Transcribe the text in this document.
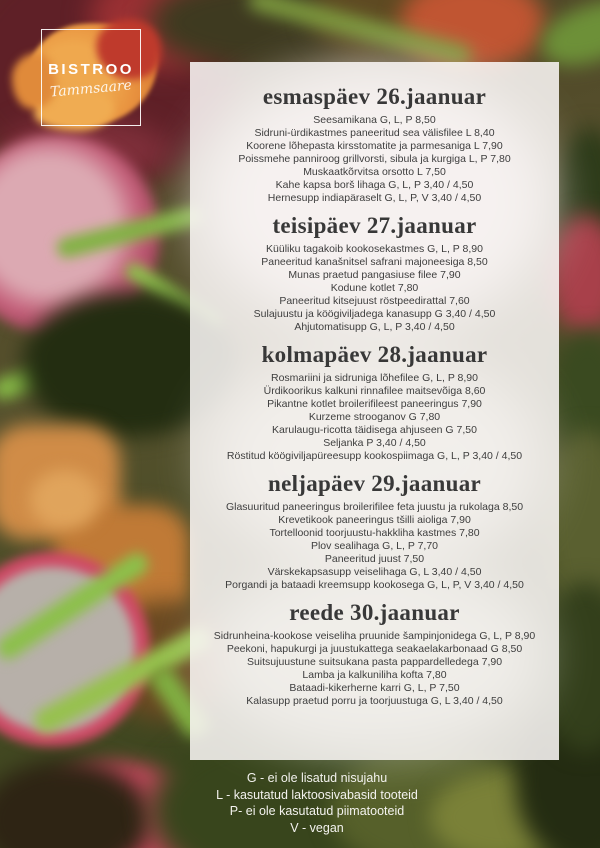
BISTROO
Tammsaare	esmaspäev 26.jaanuar
Seesamikana G, L, P 8,50
Sidruni-ürdikastmes paneeritud sea välisfilee L 8,40
Koorene lõhepasta kirsstomatite ja parmesaniga L 7,90
Poissmehe panniroog grillvorsti, sibula ja kurgiga L, P 7,80
Muskaatkõrvitsa orsotto L 7,50
Kahe kapsa borš lihaga G, L, P 3,40 / 4,50
Hernesupp indiapäraselt G, L, P, V 3,40 / 4,50
teisipäev 27.jaanuar
Küüliku tagakoib kookosekastmes G, L, P 8,90
Paneeritud kanašnitsel safrani majoneesiga 8,50
Munas praetud pangasiuse filee 7,90
Kodune kotlet 7,80
Paneeritud kitsejuust röstpeedirattal 7,60
Sulajuustu ja köögiviljadega kanasupp G 3,40 / 4,50
Ahjutomatisupp G, L, P 3,40 / 4,50
kolmapäev 28.jaanuar
Rosmariini ja sidruniga lõhefilee G, L, P 8,90
Ürdikoorikus kalkuni rinnafilee maitsevõiga 8,60
Pikantne kotlet broilerifileest paneeringus 7,90
Kurzeme strooganov G 7,80
Karulaugu-ricotta täidisega ahjuseen G 7,50
Seljanka P 3,40 / 4,50
Röstitud köögiviljapüreesupp kookospiimaga G, L, P 3,40 / 4,50
neljapäev 29.jaanuar
Glasuuritud paneeringus broilerifilee feta juustu ja rukolaga 8,50
Krevetikook paneeringus tšilli aioliga 7,90
Tortelloonid toorjuustu-hakkliha kastmes 7,80
Plov sealihaga G, L, P 7,70
Paneeritud juust 7,50
Värskekapsasupp veiselihaga G, L 3,40 / 4,50
Porgandi ja bataadi kreemsupp kookosega G, L, P, V 3,40 / 4,50
reede 30.jaanuar
Sidrunheina-kookose veiseliha pruunide šampinjonidega G, L, P 8,90
Peekoni, hapukurgi ja juustukattega seakaelakarbonaad G 8,50
Suitsujuustune suitsukana pasta pappardelledega 7,90
Lamba ja kalkuniliha kofta 7,80
Bataadi-kikerherne karri G, L, P 7,50
Kalasupp praetud porru ja toorjuustuga G, L 3,40 / 4,50
G - ei ole lisatud nisujahu
L - kasutatud laktoosivabasid tooteid
P- ei ole kasutatud piimatooteid
V - vegan
